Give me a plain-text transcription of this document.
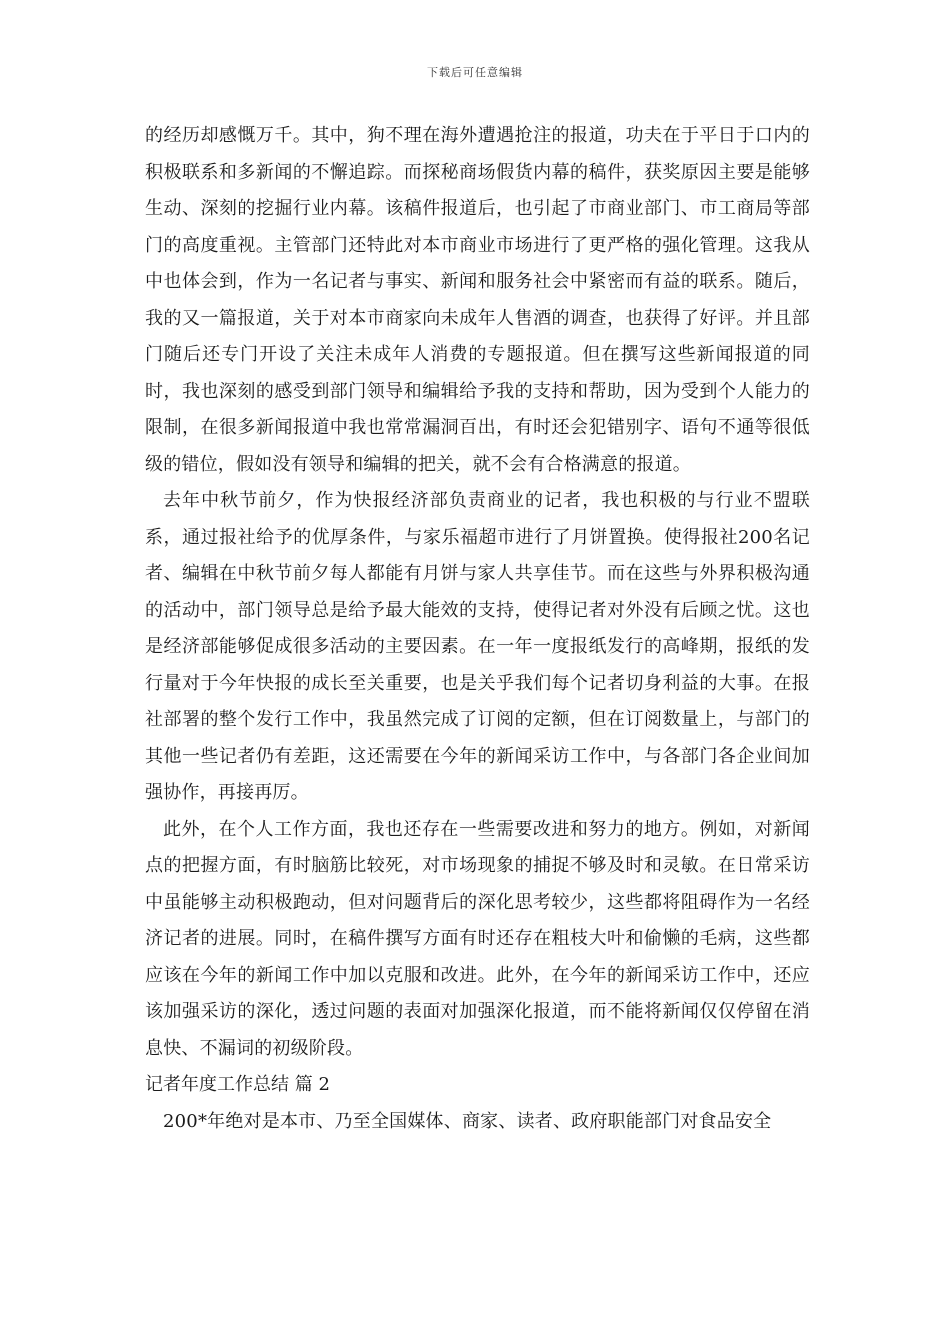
下载后可任意编辑

的经历却感慨万千。其中，狗不理在海外遭遇抢注的报道，功夫在于平日于口内的积极联系和多新闻的不懈追踪。而探秘商场假货内幕的稿件，获奖原因主要是能够生动、深刻的挖掘行业内幕。该稿件报道后，也引起了市商业部门、市工商局等部门的高度重视。主管部门还特此对本市商业市场进行了更严格的强化管理。这我从中也体会到，作为一名记者与事实、新闻和服务社会中紧密而有益的联系。随后，我的又一篇报道，关于对本市商家向未成年人售酒的调查，也获得了好评。并且部门随后还专门开设了关注未成年人消费的专题报道。但在撰写这些新闻报道的同时，我也深刻的感受到部门领导和编辑给予我的支持和帮助，因为受到个人能力的限制，在很多新闻报道中我也常常漏洞百出，有时还会犯错别字、语句不通等很低级的错位，假如没有领导和编辑的把关，就不会有合格满意的报道。

去年中秋节前夕，作为快报经济部负责商业的记者，我也积极的与行业不盟联系，通过报社给予的优厚条件，与家乐福超市进行了月饼置换。使得报社200名记者、编辑在中秋节前夕每人都能有月饼与家人共享佳节。而在这些与外界积极沟通的活动中，部门领导总是给予最大能效的支持，使得记者对外没有后顾之忧。这也是经济部能够促成很多活动的主要因素。在一年一度报纸发行的高峰期，报纸的发行量对于今年快报的成长至关重要，也是关乎我们每个记者切身利益的大事。在报社部署的整个发行工作中，我虽然完成了订阅的定额，但在订阅数量上，与部门的其他一些记者仍有差距，这还需要在今年的新闻采访工作中，与各部门各企业间加强协作，再接再厉。

此外，在个人工作方面，我也还存在一些需要改进和努力的地方。例如，对新闻点的把握方面，有时脑筋比较死，对市场现象的捕捉不够及时和灵敏。在日常采访中虽能够主动积极跑动，但对问题背后的深化思考较少，这些都将阻碍作为一名经济记者的进展。同时，在稿件撰写方面有时还存在粗枝大叶和偷懒的毛病，这些都应该在今年的新闻工作中加以克服和改进。此外，在今年的新闻采访工作中，还应该加强采访的深化，透过问题的表面对加强深化报道，而不能将新闻仅仅停留在消息快、不漏词的初级阶段。

记者年度工作总结 篇 2

200*年绝对是本市、乃至全国媒体、商家、读者、政府职能部门对食品安全
